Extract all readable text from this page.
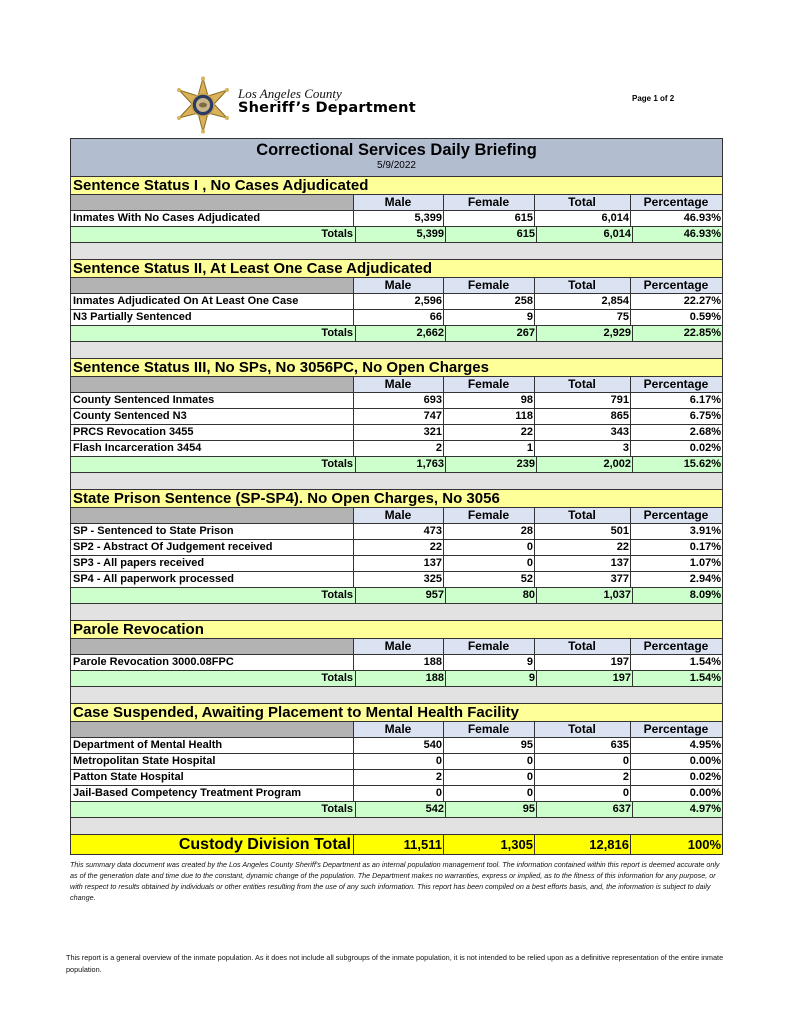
Los Angeles County
Sheriff’s Department
Page 1 of 2
Correctional Services Daily Briefing
5/9/2022
Sentence Status I , No Cases Adjudicated
Male	Female	Total	Percentage
Inmates With No Cases Adjudicated	5,399	615	6,014	46.93%
Totals	5,399	615	6,014	46.93%
Sentence Status II, At Least One Case Adjudicated
Male	Female	Total	Percentage
Inmates Adjudicated On At Least One Case	2,596	258	2,854	22.27%
N3 Partially Sentenced	66	9	75	0.59%
Totals	2,662	267	2,929	22.85%
Sentence Status III, No SPs, No 3056PC, No Open Charges
Male	Female	Total	Percentage
County Sentenced Inmates	693	98	791	6.17%
County Sentenced N3	747	118	865	6.75%
PRCS Revocation 3455	321	22	343	2.68%
Flash Incarceration 3454	2	1	3	0.02%
Totals	1,763	239	2,002	15.62%
State Prison Sentence (SP-SP4). No Open Charges, No 3056
Male	Female	Total	Percentage
SP - Sentenced to State Prison	473	28	501	3.91%
SP2 - Abstract Of Judgement received	22	0	22	0.17%
SP3 - All papers received	137	0	137	1.07%
SP4 - All paperwork processed	325	52	377	2.94%
Totals	957	80	1,037	8.09%
Parole Revocation
Male	Female	Total	Percentage
Parole Revocation 3000.08FPC	188	9	197	1.54%
Totals	188	9	197	1.54%
Case Suspended, Awaiting Placement to Mental Health Facility
Male	Female	Total	Percentage
Department of Mental Health	540	95	635	4.95%
Metropolitan State Hospital	0	0	0	0.00%
Patton State Hospital	2	0	2	0.02%
Jail-Based Competency Treatment Program	0	0	0	0.00%
Totals	542	95	637	4.97%
Custody Division Total	11,511	1,305	12,816	100%
This summary data document was created by the Los Angeles County Sheriff's Department as an internal population management tool. The information contained within this report is deemed accurate only as of the generation date and time due to the constant, dynamic change of the population. The Department makes no warranties, express or implied, as to the fitness of this information for any purpose, or with respect to results obtained by individuals or other entities resulting from the use of any such information. This report has been compiled on a best efforts basis, and, the information is subject to daily change.
This report is a general overview of the inmate population. As it does not include all subgroups of the inmate population, it is not intended to be relied upon as a definitive representation of the entire inmate population.
